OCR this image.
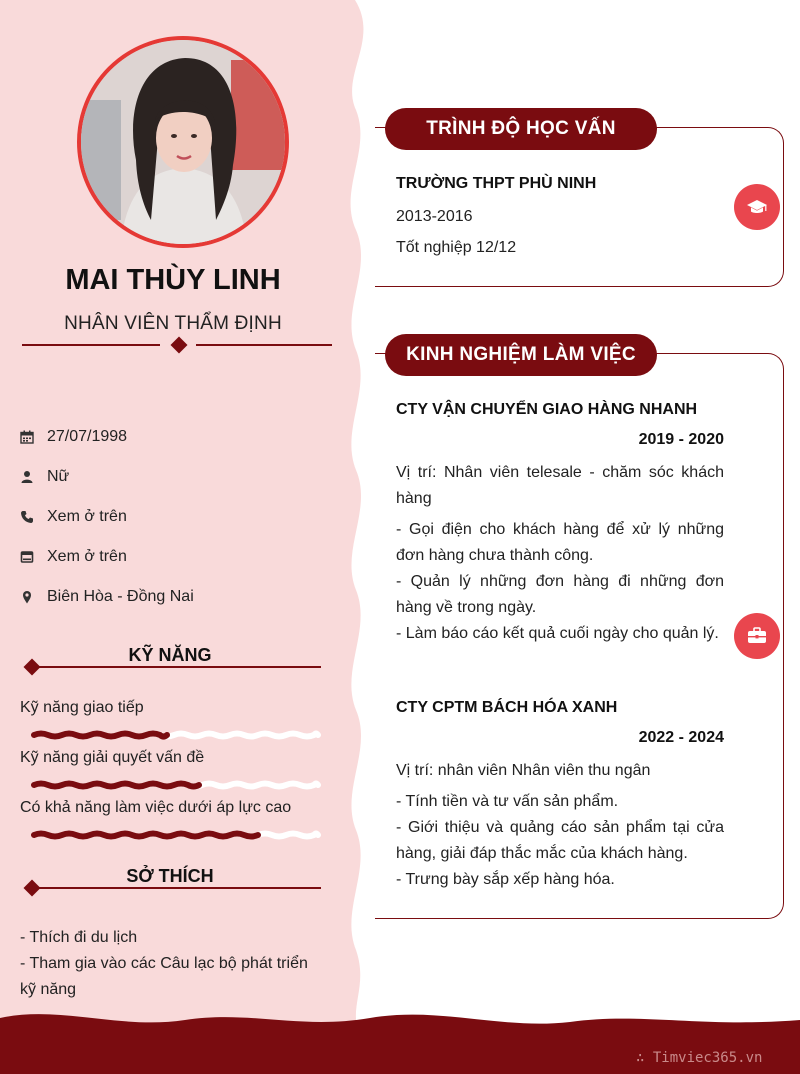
MAI THÙY LINH
NHÂN VIÊN THẨM ĐỊNH
27/07/1998
Nữ
Xem ở trên
Xem ở trên
Biên Hòa - Đồng Nai
KỸ NĂNG
Kỹ năng giao tiếp
Kỹ năng giải quyết vấn đề
Có khả năng làm việc dưới áp lực cao
SỞ THÍCH
- Thích đi du lịch
- Tham gia vào các Câu lạc bộ phát triển kỹ năng
TRÌNH ĐỘ HỌC VẤN
TRƯỜNG THPT PHÙ NINH
2013-2016
Tốt nghiệp 12/12
KINH NGHIỆM LÀM VIỆC
CTY VẬN CHUYỂN GIAO HÀNG NHANH
2019 - 2020
Vị trí: Nhân viên telesale - chăm sóc khách hàng
- Gọi điện cho khách hàng để xử lý những đơn hàng chưa thành công.
- Quản lý những đơn hàng đi những đơn hàng về trong ngày.
- Làm báo cáo kết quả cuối ngày cho quản lý.
CTY CPTM BÁCH HÓA XANH
2022 - 2024
Vị trí: nhân viên Nhân viên thu ngân
- Tính tiền và tư vấn sản phẩm.
- Giới thiệu và quảng cáo sản phẩm tại cửa hàng, giải đáp thắc mắc của khách hàng.
- Trưng bày sắp xếp hàng hóa.
∴ Timviec365.vn
